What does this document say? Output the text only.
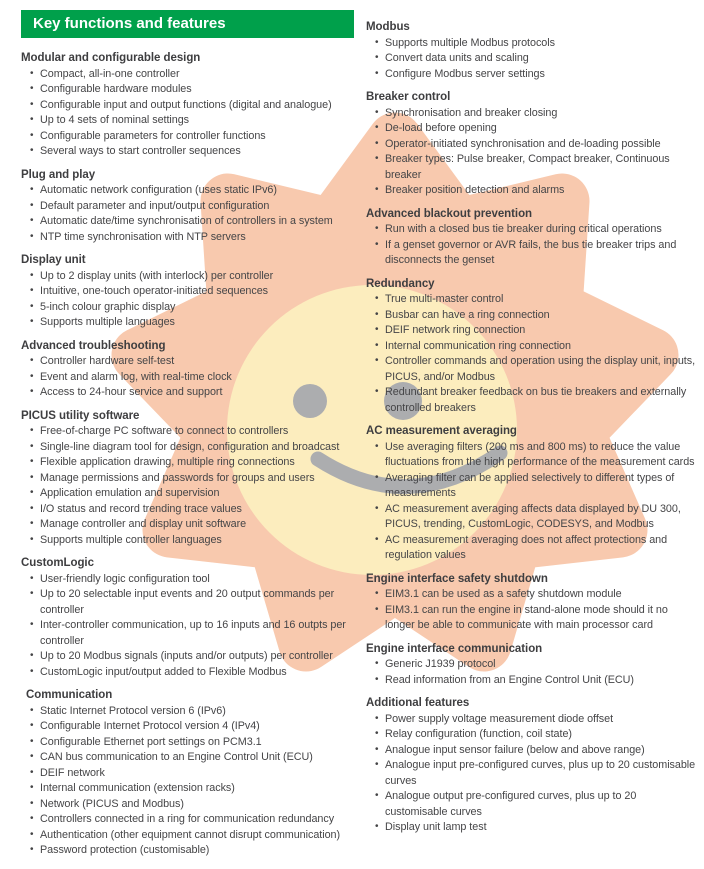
Key functions and features
Modular and configurable design
• Compact, all-in-one controller
• Configurable hardware modules
• Configurable input and output functions (digital and analogue)
• Up to 4 sets of nominal settings
• Configurable parameters for controller functions
• Several ways to start controller sequences
Plug and play
• Automatic network configuration (uses static IPv6)
• Default parameter and input/output configuration
• Automatic date/time synchronisation of controllers in a system
• NTP time synchronisation with NTP servers
Display unit
• Up to 2 display units (with interlock) per controller
• Intuitive, one-touch operator-initiated sequences
• 5-inch colour graphic display
• Supports multiple languages
Advanced troubleshooting
• Controller hardware self-test
• Event and alarm log, with real-time clock
• Access to 24-hour service and support
PICUS utility software
• Free-of-charge PC software to connect to controllers
• Single-line diagram tool for design, configuration and broadcast
• Flexible application drawing, multiple ring connections
• Manage permissions and passwords for groups and users
• Application emulation and supervision
• I/O status and record trending trace values
• Manage controller and display unit software
• Supports multiple controller languages
CustomLogic
• User-friendly logic configuration tool
• Up to 20 selectable input events and 20 output commands per controller
• Inter-controller communication, up to 16 inputs and 16 outpts per controller
• Up to 20 Modbus signals (inputs and/or outputs) per controller
• CustomLogic input/output added to Flexible Modbus
Communication
• Static Internet Protocol version 6 (IPv6)
• Configurable Internet Protocol version 4 (IPv4)
• Configurable Ethernet port settings on PCM3.1
• CAN bus communication to an Engine Control Unit (ECU)
• DEIF network
• Internal communication (extension racks)
• Network (PICUS and Modbus)
• Controllers connected in a ring for communication redundancy
• Authentication (other equipment cannot disrupt communication)
• Password protection (customisable)
Modbus
• Supports multiple Modbus protocols
• Convert data units and scaling
• Configure Modbus server settings
Breaker control
• Synchronisation and breaker closing
• De-load before opening
• Operator-initiated synchronisation and de-loading possible
• Breaker types: Pulse breaker, Compact breaker, Continuous breaker
• Breaker position detection and alarms
Advanced blackout prevention
• Run with a closed bus tie breaker during critical operations
• If a genset governor or AVR fails, the bus tie breaker trips and disconnects the genset
Redundancy
• True multi-master control
• Busbar can have a ring connection
• DEIF network ring connection
• Internal communication ring connection
• Controller commands and operation using the display unit, inputs, PICUS, and/or Modbus
• Redundant breaker feedback on bus tie breakers and externally controlled breakers
AC measurement averaging
• Use averaging filters (200 ms and 800 ms) to reduce the value fluctuations from the high performance of the measurement cards
• Averaging filter can be applied selectively to different types of measurements
• AC measurement averaging affects data displayed by DU 300, PICUS, trending, CustomLogic, CODESYS, and Modbus
• AC measurement averaging does not affect protections and regulation values
Engine interface safety shutdown
• EIM3.1 can be used as a safety shutdown module
• EIM3.1 can run the engine in stand-alone mode should it no longer be able to communicate with main processor card
Engine interface communication
• Generic J1939 protocol
• Read information from an Engine Control Unit (ECU)
Additional features
• Power supply voltage measurement diode offset
• Relay configuration (function, coil state)
• Analogue input sensor failure (below and above range)
• Analogue input pre-configured curves, plus up to 20 customisable curves
• Analogue output pre-configured curves, plus up to 20 customisable curves
• Display unit lamp test
